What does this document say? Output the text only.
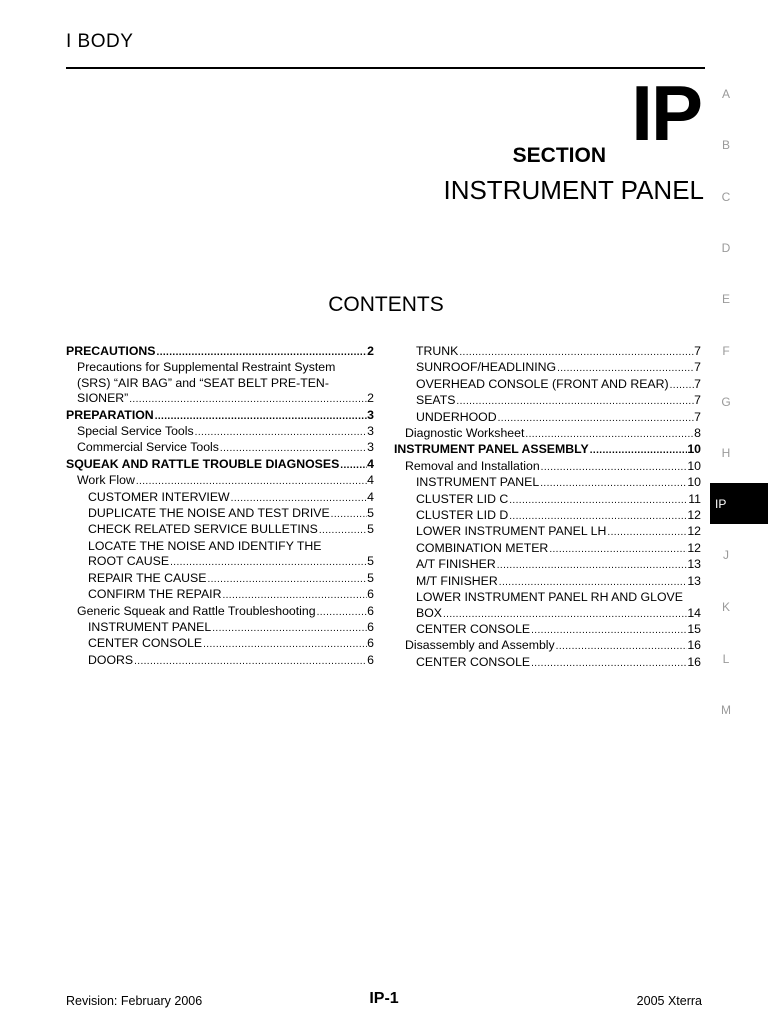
I BODY
SECTION IP
INSTRUMENT PANEL
CONTENTS
A
B
C
D
E
F
G
H
J
K
L
M
IP
PRECAUTIONS .....	2
Precautions for Supplemental Restraint System
(SRS) “AIR BAG” and “SEAT BELT PRE-TEN-
SIONER” .....	2
PREPARATION .....	3
Special Service Tools .....	3
Commercial Service Tools .....	3
SQUEAK AND RATTLE TROUBLE DIAGNOSES ..... 4
Work Flow .....	4
CUSTOMER INTERVIEW .....	4
DUPLICATE THE NOISE AND TEST DRIVE .....	5
CHECK RELATED SERVICE BULLETINS .....	5
LOCATE THE NOISE AND IDENTIFY THE
ROOT CAUSE .....	5
REPAIR THE CAUSE .....	5
CONFIRM THE REPAIR .....	6
Generic Squeak and Rattle Troubleshooting .....	6
INSTRUMENT PANEL .....	6
CENTER CONSOLE .....	6
DOORS .....	6
TRUNK .....	7
SUNROOF/HEADLINING .....	7
OVERHEAD CONSOLE (FRONT AND REAR) ..... 7
SEATS .....	7
UNDERHOOD .....	7
Diagnostic Worksheet .....	8
INSTRUMENT PANEL ASSEMBLY .....	10
Removal and Installation .....	10
INSTRUMENT PANEL .....	10
CLUSTER LID C .....	11
CLUSTER LID D .....	12
LOWER INSTRUMENT PANEL LH .....	12
COMBINATION METER .....	12
A/T FINISHER .....	13
M/T FINISHER .....	13
LOWER INSTRUMENT PANEL RH AND GLOVE
BOX .....	14
CENTER CONSOLE .....	15
Disassembly and Assembly .....	16
CENTER CONSOLE .....	16
Revision: February 2006	IP-1	2005 Xterra
